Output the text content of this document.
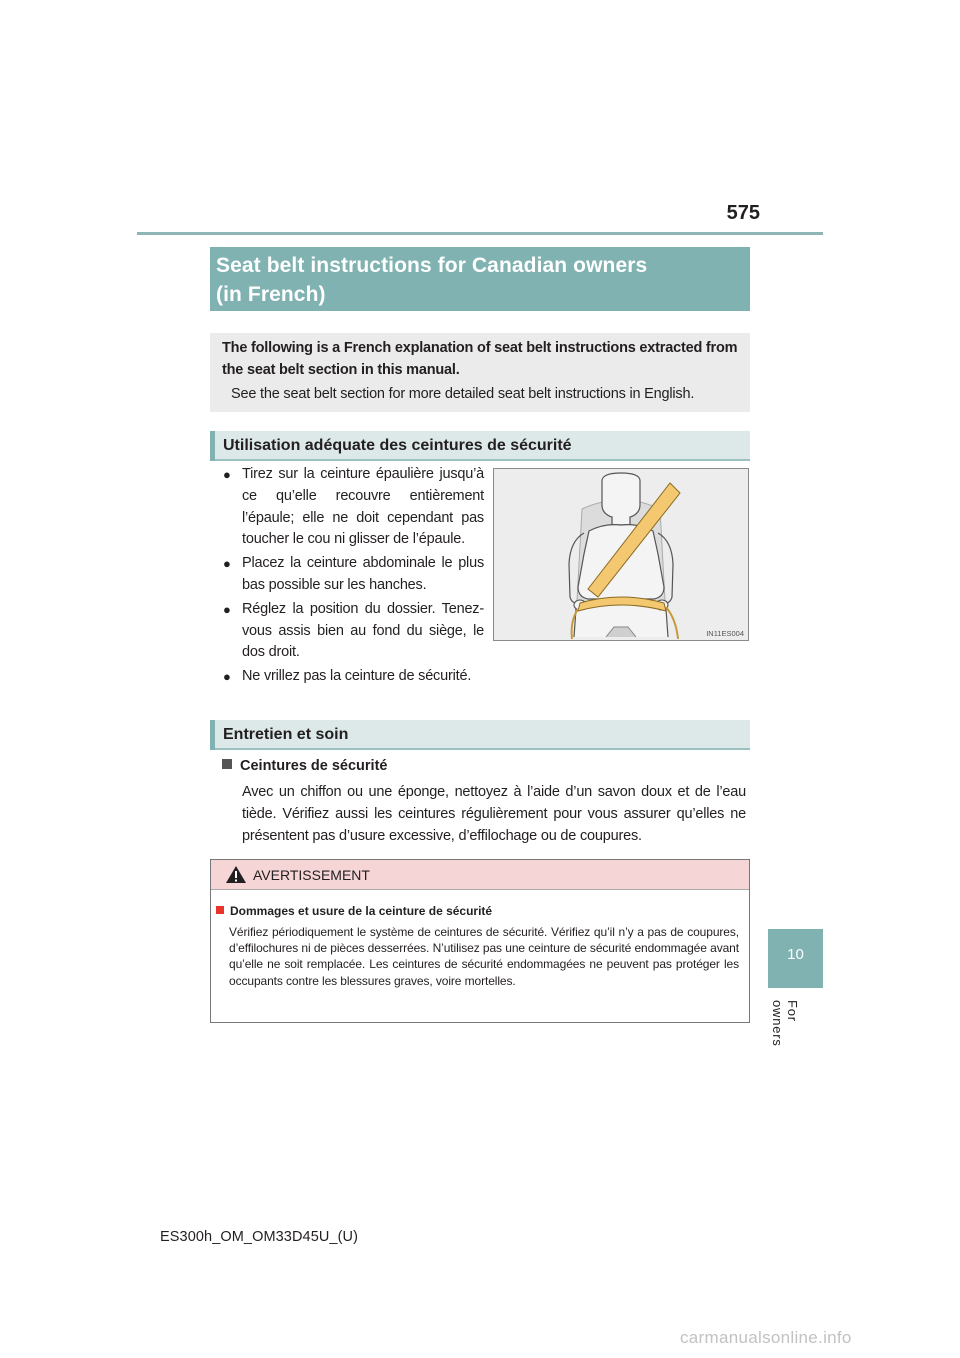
575
Seat belt instructions for Canadian owners
(in French)
The following is a French explanation of seat belt instructions extracted from the seat belt section in this manual.
See the seat belt section for more detailed seat belt instructions in English.
Utilisation adéquate des ceintures de sécurité
● Tirez sur la ceinture épaulière jusqu’à ce qu’elle recouvre entièrement l’épaule; elle ne doit cependant pas toucher le cou ni glisser de l’épaule.
● Placez la ceinture abdominale le plus bas possible sur les hanches.
● Réglez la position du dossier. Tenez-vous assis bien au fond du siège, le dos droit.
● Ne vrillez pas la ceinture de sécurité.
IN11ES004
Entretien et soin
Ceintures de sécurité
Avec un chiffon ou une éponge, nettoyez à l’aide d’un savon doux et de l’eau tiède. Vérifiez aussi les ceintures régulièrement pour vous assurer qu’elles ne présentent pas d’usure excessive, d’effilochage ou de coupures.
AVERTISSEMENT
Dommages et usure de la ceinture de sécurité
Vérifiez périodiquement le système de ceintures de sécurité. Vérifiez qu’il n’y a pas de coupures, d’effilochures ni de pièces desserrées. N’utilisez pas une ceinture de sécurité endommagée avant qu’elle ne soit remplacée. Les ceintures de sécurité endommagées ne peuvent pas protéger les occupants contre les blessures graves, voire mortelles.
10
For owners
ES300h_OM_OM33D45U_(U)
carmanualsonline.info
